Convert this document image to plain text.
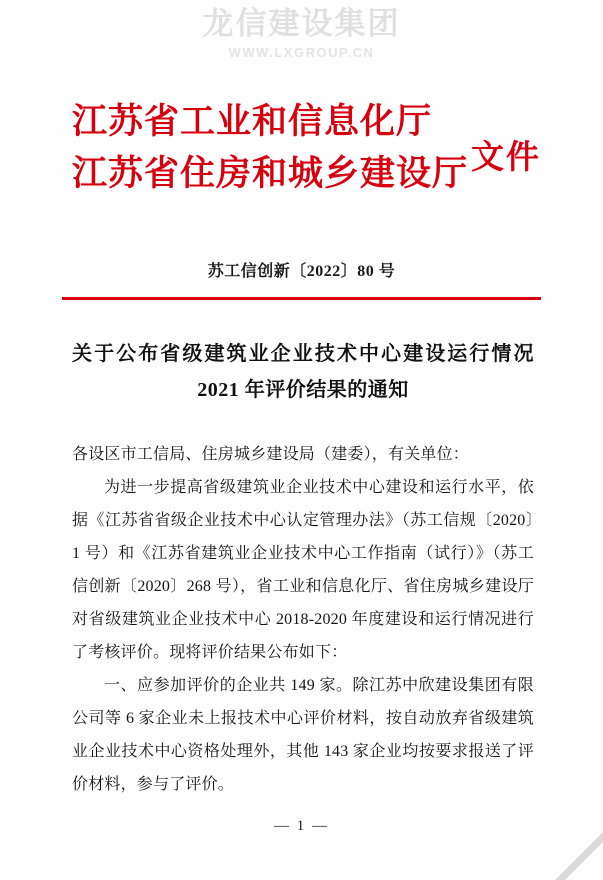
龙信建设集团
WWW.LXGROUP.CN
江苏省工业和信息化厅
江苏省住房和城乡建设厅 文件
苏工信创新〔2022〕80 号
关于公布省级建筑业企业技术中心建设运行情况 2021 年评价结果的通知

各设区市工信局、住房城乡建设局（建委），有关单位：

为进一步提高省级建筑业企业技术中心建设和运行水平，依据《江苏省省级企业技术中心认定管理办法》（苏工信规〔2020〕1 号）和《江苏省建筑业企业技术中心工作指南（试行）》（苏工信创新〔2020〕268 号），省工业和信息化厅、省住房城乡建设厅对省级建筑业企业技术中心 2018-2020 年度建设和运行情况进行了考核评价。现将评价结果公布如下：

一、应参加评价的企业共 149 家。除江苏中欣建设集团有限公司等 6 家企业未上报技术中心评价材料，按自动放弃省级建筑业企业技术中心资格处理外，其他 143 家企业均按要求报送了评价材料，参与了评价。

— 1 —
